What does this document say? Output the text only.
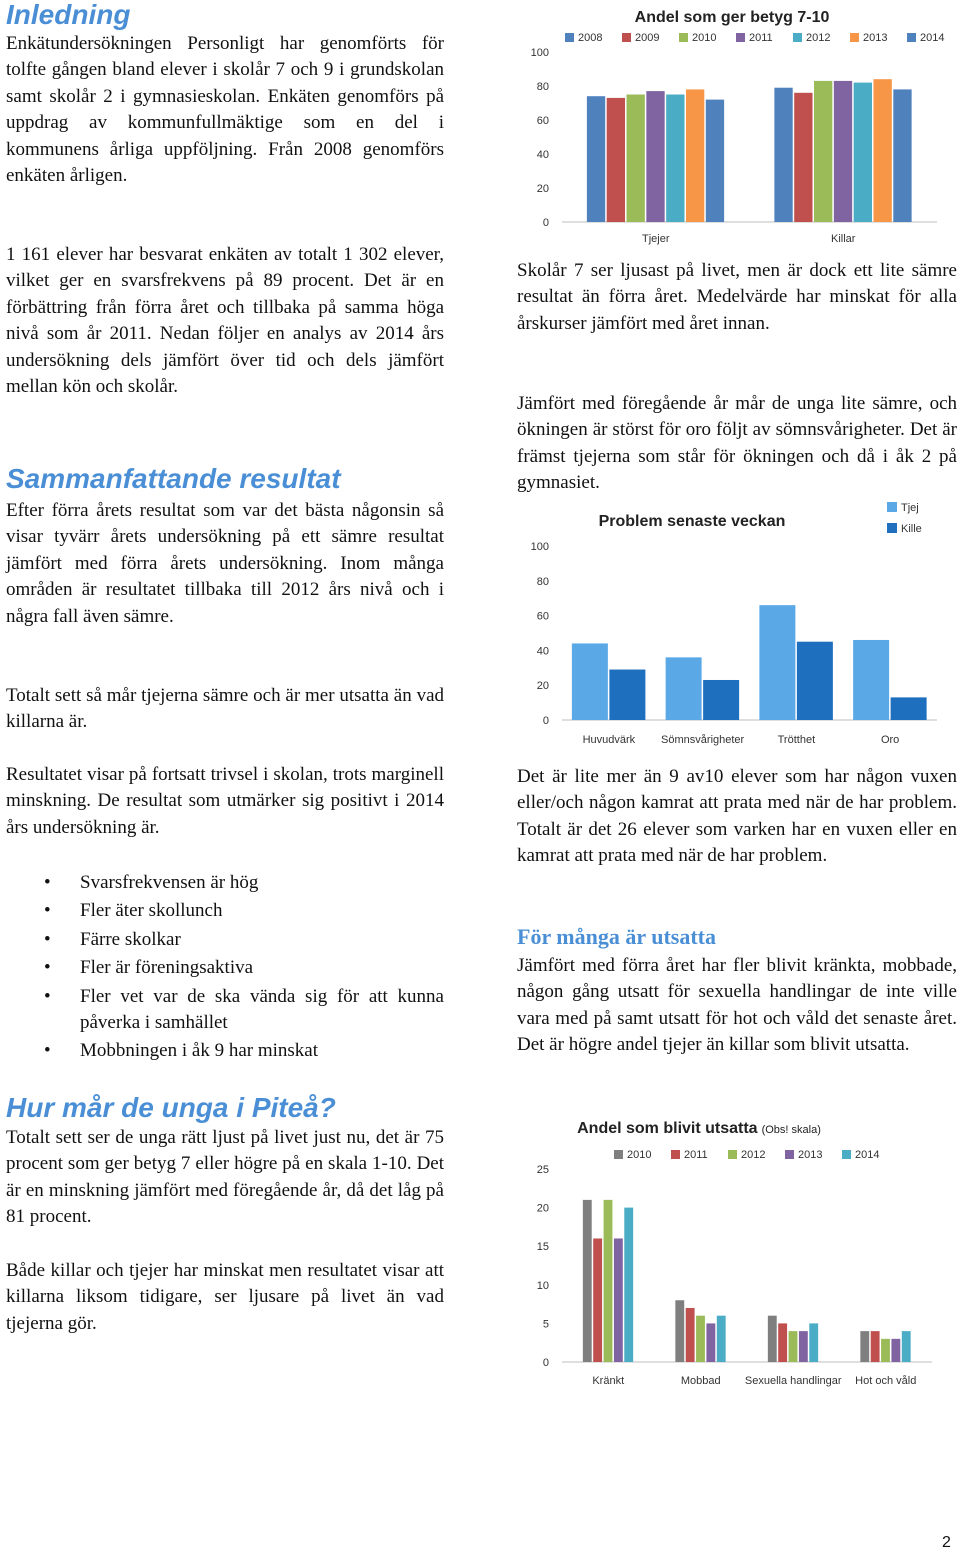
Inledning

Enkätundersökningen Personligt har genomförts för tolfte gången bland elever i skolår 7 och 9 i grundskolan samt skolår 2 i gymnasieskolan. Enkäten genomförs på uppdrag av kommunfullmäktige som en del i kommunens årliga uppföljning. Från 2008 genomförs enkäten årligen.

1 161 elever har besvarat enkäten av totalt 1 302 elever, vilket ger en svarsfrekvens på 89 procent. Det är en förbättring från förra året och tillbaka på samma höga nivå som år 2011. Nedan följer en analys av 2014 års undersökning dels jämfört över tid och dels jämfört mellan kön och skolår.

Sammanfattande resultat

Efter förra årets resultat som var det bästa någonsin så visar tyvärr årets undersökning på ett sämre resultat jämfört med förra årets undersökning. Inom många områden är resultatet tillbaka till 2012 års nivå och i några fall även sämre.

Totalt sett så mår tjejerna sämre och är mer utsatta än vad killarna är.

Resultatet visar på fortsatt trivsel i skolan, trots marginell minskning. De resultat som utmärker sig positivt i 2014 års undersökning är.

• Svarsfrekvensen är hög
• Fler äter skollunch
• Färre skolkar
• Fler är föreningsaktiva
• Fler vet var de ska vända sig för att kunna påverka i samhället
• Mobbningen i åk 9 har minskat
Hur mår de unga i Piteå?

Totalt sett ser de unga rätt ljust på livet just nu, det är 75 procent som ger betyg 7 eller högre på en skala 1-10. Det är en minskning jämfört med föregående år, då det låg på 81 procent.

Både killar och tjejer har minskat men resultatet visar att killarna liksom tidigare, ser ljusare på livet än vad tjejerna gör.

Andel som ger betyg 7-10
2008	2009	2010	2011	2012	2013	2014
0
20
40
60
80
100
Tjejer	Killar

Skolår 7 ser ljusast på livet, men är dock ett lite sämre resultat än förra året. Medelvärde har minskat för alla årskurser jämfört med året innan.

Jämfört med föregående år mår de unga lite sämre, och ökningen är störst för oro följt av sömnsvårigheter. Det är främst tjejerna som står för ökningen och då i åk 2 på gymnasiet.

Problem senaste veckan
Tjej
Kille
0
20
40
60
80
100
Huvudvärk Sömnsvårigheter	Trötthet	Oro

Det är lite mer än 9 av10 elever som har någon vuxen eller/och någon kamrat att prata med när de har problem. Totalt är det 26 elever som varken har en vuxen eller en kamrat att prata med när de har problem.

För många är utsatta

Jämfört med förra året har fler blivit kränkta, mobbade, någon gång utsatt för sexuella handlingar de inte ville vara med på samt utsatt för hot och våld det senaste året. Det är högre andel tjejer än killar som blivit utsatta.

Andel som blivit utsatta (Obs! skala)
2010	2011	2012	2013	2014
0
5
10
15
20
25
Kränkt	Mobbad Sexuella handlingar Hot och våld
2
